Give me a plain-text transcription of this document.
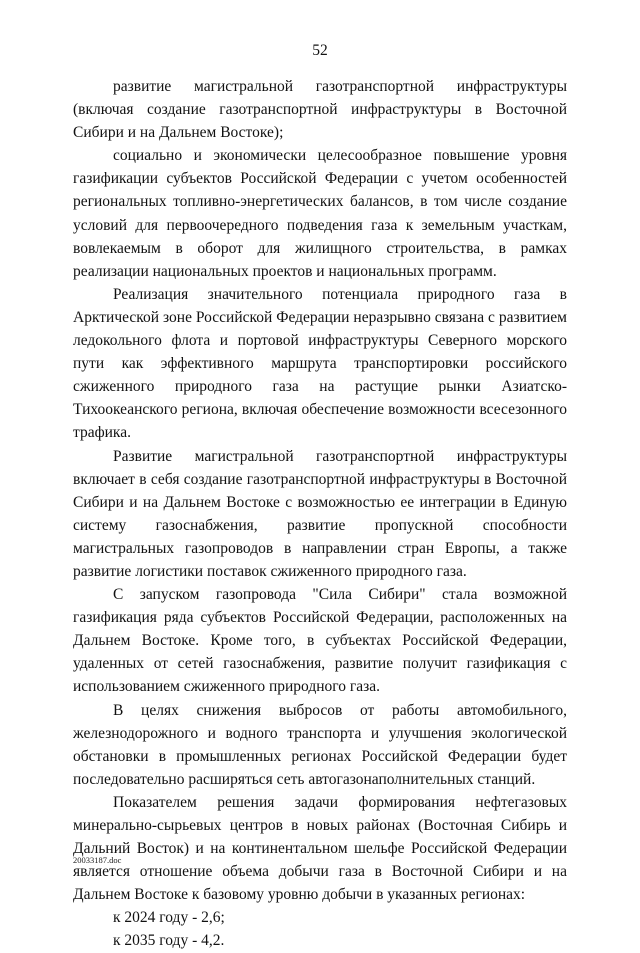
52

развитие магистральной газотранспортной инфраструктуры (включая создание газотранспортной инфраструктуры в Восточной Сибири и на Дальнем Востоке);

социально и экономически целесообразное повышение уровня газификации субъектов Российской Федерации с учетом особенностей региональных топливно-энергетических балансов, в том числе создание условий для первоочередного подведения газа к земельным участкам, вовлекаемым в оборот для жилищного строительства, в рамках реализации национальных проектов и национальных программ.

Реализация значительного потенциала природного газа в Арктической зоне Российской Федерации неразрывно связана с развитием ледокольного флота и портовой инфраструктуры Северного морского пути как эффективного маршрута транспортировки российского сжиженного природного газа на растущие рынки Азиатско-Тихоокеанского региона, включая обеспечение возможности всесезонного трафика.

Развитие магистральной газотранспортной инфраструктуры включает в себя создание газотранспортной инфраструктуры в Восточной Сибири и на Дальнем Востоке с возможностью ее интеграции в Единую систему газоснабжения, развитие пропускной способности магистральных газопроводов в направлении стран Европы, а также развитие логистики поставок сжиженного природного газа.

С запуском газопровода "Сила Сибири" стала возможной газификация ряда субъектов Российской Федерации, расположенных на Дальнем Востоке. Кроме того, в субъектах Российской Федерации, удаленных от сетей газоснабжения, развитие получит газификация с использованием сжиженного природного газа.

В целях снижения выбросов от работы автомобильного, железнодорожного и водного транспорта и улучшения экологической обстановки в промышленных регионах Российской Федерации будет последовательно расширяться сеть автогазонаполнительных станций.

Показателем решения задачи формирования нефтегазовых минерально-сырьевых центров в новых районах (Восточная Сибирь и Дальний Восток) и на континентальном шельфе Российской Федерации является отношение объема добычи газа в Восточной Сибири и на Дальнем Востоке к базовому уровню добычи в указанных регионах:

к 2024 году - 2,6;

к 2035 году - 4,2.

20033187.doc
